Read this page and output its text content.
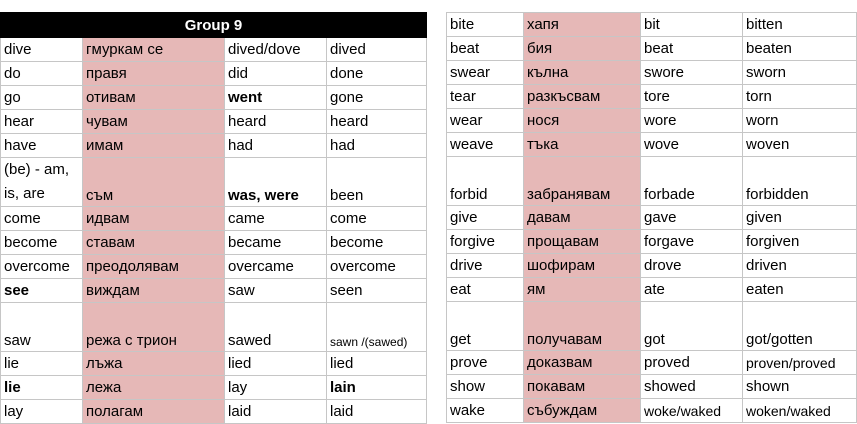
Group 9			
dive	гмуркам се	dived/dove	dived
do	правя	did	done
go	отивам	went	gone
hear	чувам	heard	heard
have	имам	had	had
(be) - am, is, are	съм	was, were	been
come	идвам	came	come
become	ставам	became	become
overcome	преодолявам	overcame	overcome
see	виждам	saw	seen
saw	режа с трион	sawed	sawn /(sawed)
lie	лъжа	lied	lied
lie	лежа	lay	lain
lay	полагам	laid	laid
bite	хапя	bit	bitten
beat	бия	beat	beaten
swear	кълна	swore	sworn
tear	разкъсвам	tore	torn
wear	нося	wore	worn
weave	тъка	wove	woven
forbid	забранявам	forbade	forbidden
give	давам	gave	given
forgive	прощавам	forgave	forgiven
drive	шофирам	drove	driven
eat	ям	ate	eaten
get	получавам	got	got/gotten
prove	доказвам	proved	proven/proved
show	покавам	showed	shown
wake	събуждам	woke/waked	woken/waked
